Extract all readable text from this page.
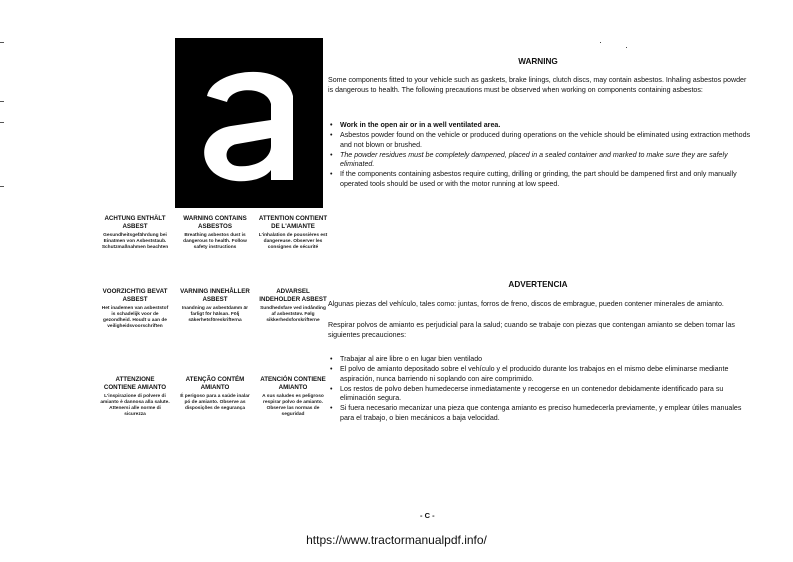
ACHTUNG ENTHÄLT ASBEST
Gesundheitsgefährdung bei Einatmen von Asbeststaub. Schutzmaßnahmen beachten
WARNING CONTAINS ASBESTOS
Breathing asbestos dust is dangerous to health. Follow safety instructions
ATTENTION CONTIENT DE L'AMIANTE
L'inhalation de poussières est dangereuse. Observer les consignes de sécurité
VOORZICHTIG BEVAT ASBEST
Het inademen van asbeststof is schadelijk voor de gezondheid. Houdt u aan de veiligheidsvoorschriften
VARNING INNEHÅLLER ASBEST
Inandning av asbestdamm är farligt för hälsan. Följ säkerhetsföreskrifterna
ADVARSEL INDEHOLDER ASBEST
Sundhedsfare ved indånding af asbeststøv. Følg sikkerhedsforskrifterne
ATTENZIONE CONTIENE AMIANTO
L'inspirazione di polvere di amianto è dannosa alla salute. Attenersi alle norme di sicurezza
ATENÇÃO CONTÉM AMIANTO
É perigoso para a saúde inalar pó de amianto. Observe as disposições de segurança
ATENCIÓN CONTIENE AMIANTO
A sus saludes es peligroso respirar polvo de amianto. Observe las normas de seguridad
WARNING
Some components fitted to your vehicle such as gaskets, brake linings, clutch discs, may contain asbestos. Inhaling asbestos powder is dangerous to health. The following precautions must be observed when working on components containing asbestos:
• Work in the open air or in a well ventilated area.
• Asbestos powder found on the vehicle or produced during operations on the vehicle should be eliminated using extraction methods and not blown or brushed.
• The powder residues must be completely dampened, placed in a sealed container and marked to make sure they are safely eliminated.
• If the components containing asbestos require cutting, drilling or grinding, the part should be dampened first and only manually operated tools should be used or with the motor running at low speed.
ADVERTENCIA
Algunas piezas del vehículo, tales como: juntas, forros de freno, discos de embrague, pueden contener minerales de amianto.
Respirar polvos de amianto es perjudicial para la salud; cuando se trabaje con piezas que contengan amianto se deben tomar las siguientes precauciones:
• Trabajar al aire libre o en lugar bien ventilado
• El polvo de amianto depositado sobre el vehículo y el producido durante los trabajos en el mismo debe eliminarse mediante aspiración, nunca barriendo ni soplando con aire comprimido.
• Los restos de polvo deben humedecerse inmediatamente y recogerse en un contenedor debidamente identificado para su eliminación segura.
• Si fuera necesario mecanizar una pieza que contenga amianto es preciso humedecerla previamente, y emplear útiles manuales para el trabajo, o bien mecánicos a baja velocidad.
- C -
https://www.tractormanualpdf.info/
